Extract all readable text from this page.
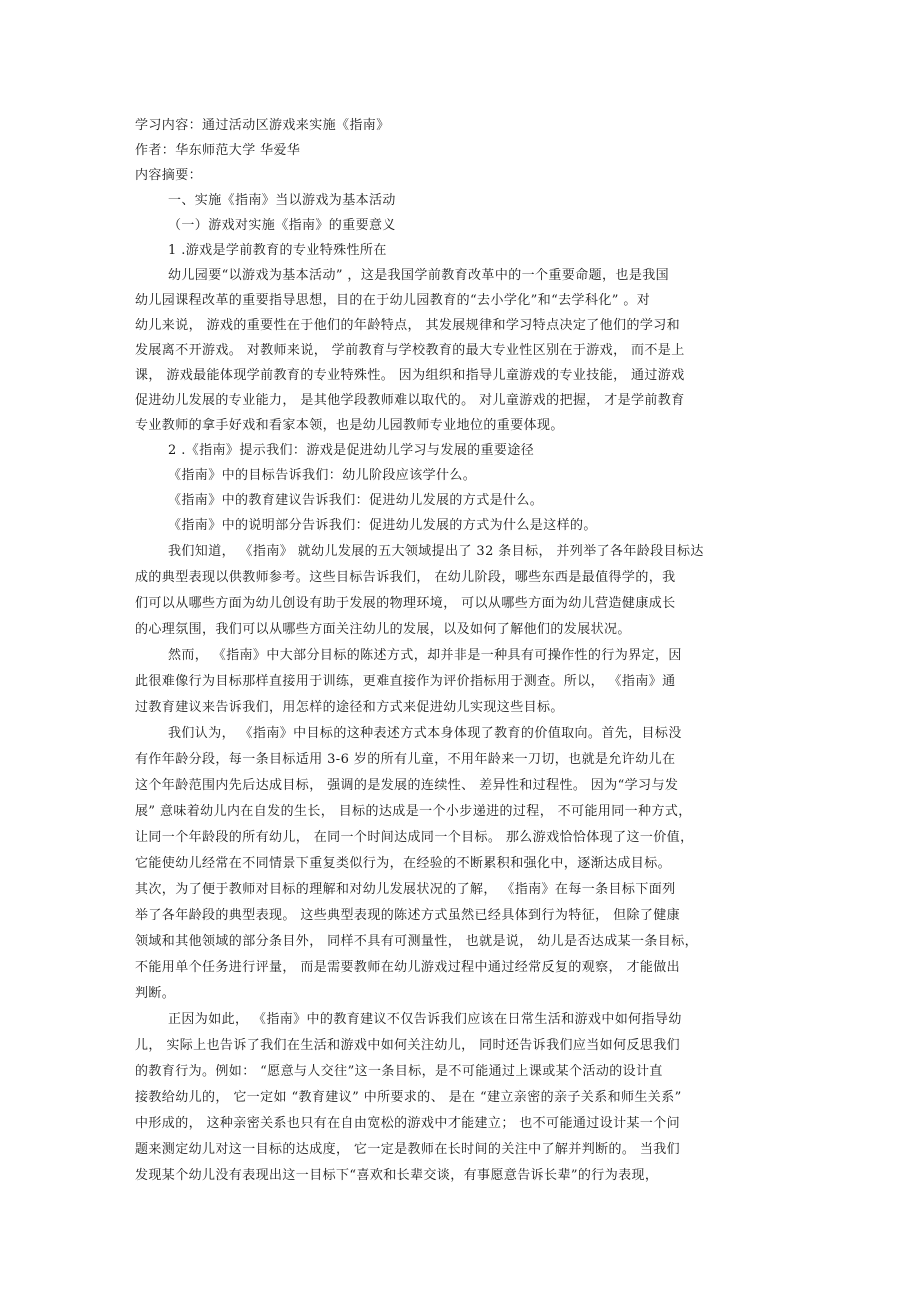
学习内容：通过活动区游戏来实施《指南》
作者：华东师范大学 华爱华
内容摘要：
一、实施《指南》当以游戏为基本活动
（一）游戏对实施《指南》的重要意义
1 .游戏是学前教育的专业特殊性所在
幼儿园要“以游戏为基本活动” ，这是我国学前教育改革中的一个重要命题，也是我国
幼儿园课程改革的重要指导思想，目的在于幼儿园教育的“去小学化”和“去学科化” 。对
幼儿来说， 游戏的重要性在于他们的年龄特点， 其发展规律和学习特点决定了他们的学习和
发展离不开游戏。 对教师来说， 学前教育与学校教育的最大专业性区别在于游戏， 而不是上
课， 游戏最能体现学前教育的专业特殊性。 因为组织和指导儿童游戏的专业技能， 通过游戏
促进幼儿发展的专业能力， 是其他学段教师难以取代的。 对儿童游戏的把握， 才是学前教育
专业教师的拿手好戏和看家本领，也是幼儿园教师专业地位的重要体现。
2 .《指南》提示我们：游戏是促进幼儿学习与发展的重要途径
《指南》中的目标告诉我们：幼儿阶段应该学什么。
《指南》中的教育建议告诉我们：促进幼儿发展的方式是什么。
《指南》中的说明部分告诉我们：促进幼儿发展的方式为什么是这样的。
我们知道， 《指南》 就幼儿发展的五大领域提出了 32 条目标， 并列举了各年龄段目标达
成的典型表现以供教师参考。这些目标告诉我们， 在幼儿阶段，哪些东西是最值得学的，我
们可以从哪些方面为幼儿创设有助于发展的物理环境， 可以从哪些方面为幼儿营造健康成长
的心理氛围，我们可以从哪些方面关注幼儿的发展，以及如何了解他们的发展状况。
然而， 《指南》中大部分目标的陈述方式，却并非是一种具有可操作性的行为界定，因
此很难像行为目标那样直接用于训练，更难直接作为评价指标用于测查。所以， 《指南》通
过教育建议来告诉我们，用怎样的途径和方式来促进幼儿实现这些目标。
我们认为， 《指南》中目标的这种表述方式本身体现了教育的价值取向。首先，目标没
有作年龄分段，每一条目标适用 3-6 岁的所有儿童，不用年龄来一刀切，也就是允许幼儿在
这个年龄范围内先后达成目标， 强调的是发展的连续性、 差异性和过程性。 因为“学习与发
展” 意味着幼儿内在自发的生长， 目标的达成是一个小步递进的过程， 不可能用同一种方式，
让同一个年龄段的所有幼儿， 在同一个时间达成同一个目标。 那么游戏恰恰体现了这一价值，
它能使幼儿经常在不同情景下重复类似行为，在经验的不断累积和强化中，逐渐达成目标。
其次，为了便于教师对目标的理解和对幼儿发展状况的了解， 《指南》在每一条目标下面列
举了各年龄段的典型表现。 这些典型表现的陈述方式虽然已经具体到行为特征， 但除了健康
领域和其他领域的部分条目外， 同样不具有可测量性， 也就是说， 幼儿是否达成某一条目标，
不能用单个任务进行评量， 而是需要教师在幼儿游戏过程中通过经常反复的观察， 才能做出
判断。
正因为如此， 《指南》中的教育建议不仅告诉我们应该在日常生活和游戏中如何指导幼
儿， 实际上也告诉了我们在生活和游戏中如何关注幼儿， 同时还告诉我们应当如何反思我们
的教育行为。例如： “愿意与人交往”这一条目标，是不可能通过上课或某个活动的设计直
接教给幼儿的， 它一定如 “教育建议” 中所要求的、 是在 “建立亲密的亲子关系和师生关系”
中形成的， 这种亲密关系也只有在自由宽松的游戏中才能建立； 也不可能通过设计某一个问
题来测定幼儿对这一目标的达成度， 它一定是教师在长时间的关注中了解并判断的。 当我们
发现某个幼儿没有表现出这一目标下“喜欢和长辈交谈，有事愿意告诉长辈”的行为表现，
